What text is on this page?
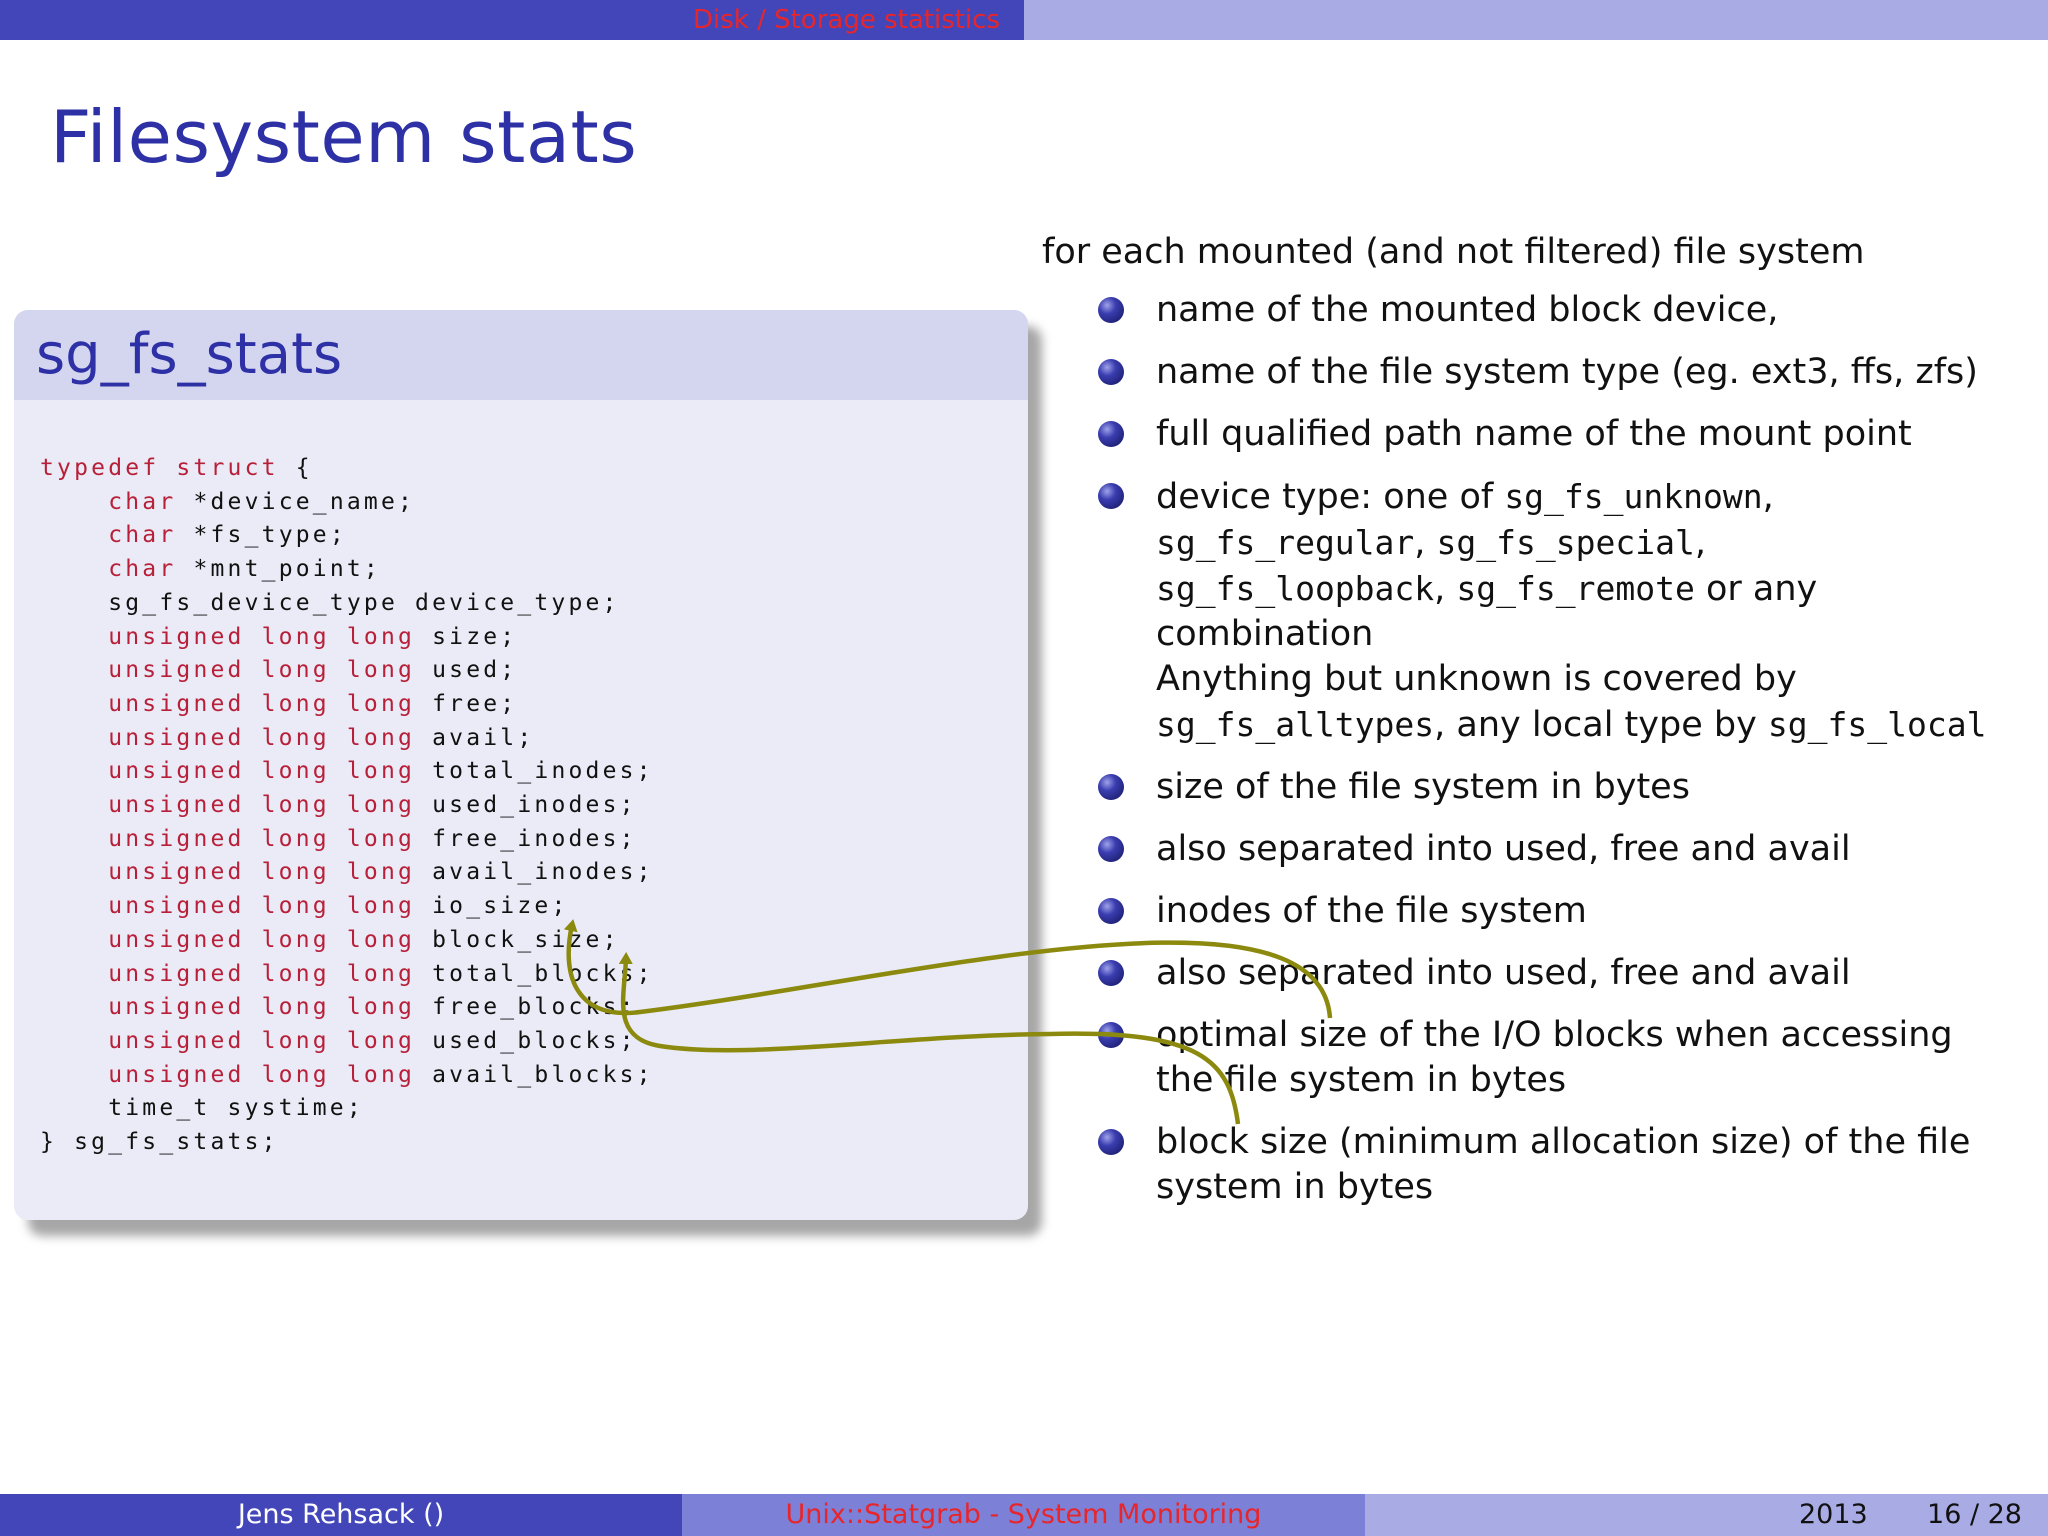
Disk / Storage statistics
Filesystem stats
sg_fs_stats
typedef struct {
char *device_name;
char *fs_type;
char *mnt_point;
sg_fs_device_type device_type;
unsigned long long size;
unsigned long long used;
unsigned long long free;
unsigned long long avail;
unsigned long long total_inodes;
unsigned long long used_inodes;
unsigned long long free_inodes;
unsigned long long avail_inodes;
unsigned long long io_size;
unsigned long long block_size;
unsigned long long total_blocks;
unsigned long long free_blocks;
unsigned long long used_blocks;
unsigned long long avail_blocks;
time_t systime;
} sg_fs_stats;
for each mounted (and not filtered) file system
name of the mounted block device,
name of the file system type (eg. ext3, ffs, zfs)
full qualified path name of the mount point
device type: one of sg_fs_unknown,
sg_fs_regular, sg_fs_special,
sg_fs_loopback, sg_fs_remote or any
combination
Anything but unknown is covered by
sg_fs_alltypes, any local type by sg_fs_local
size of the file system in bytes
also separated into used, free and avail
inodes of the file system
also separated into used, free and avail
optimal size of the I/O blocks when accessing
the file system in bytes
block size (minimum allocation size) of the file
system in bytes
Jens Rehsack ()	Unix::Statgrab - System Monitoring	2013 16 / 28
